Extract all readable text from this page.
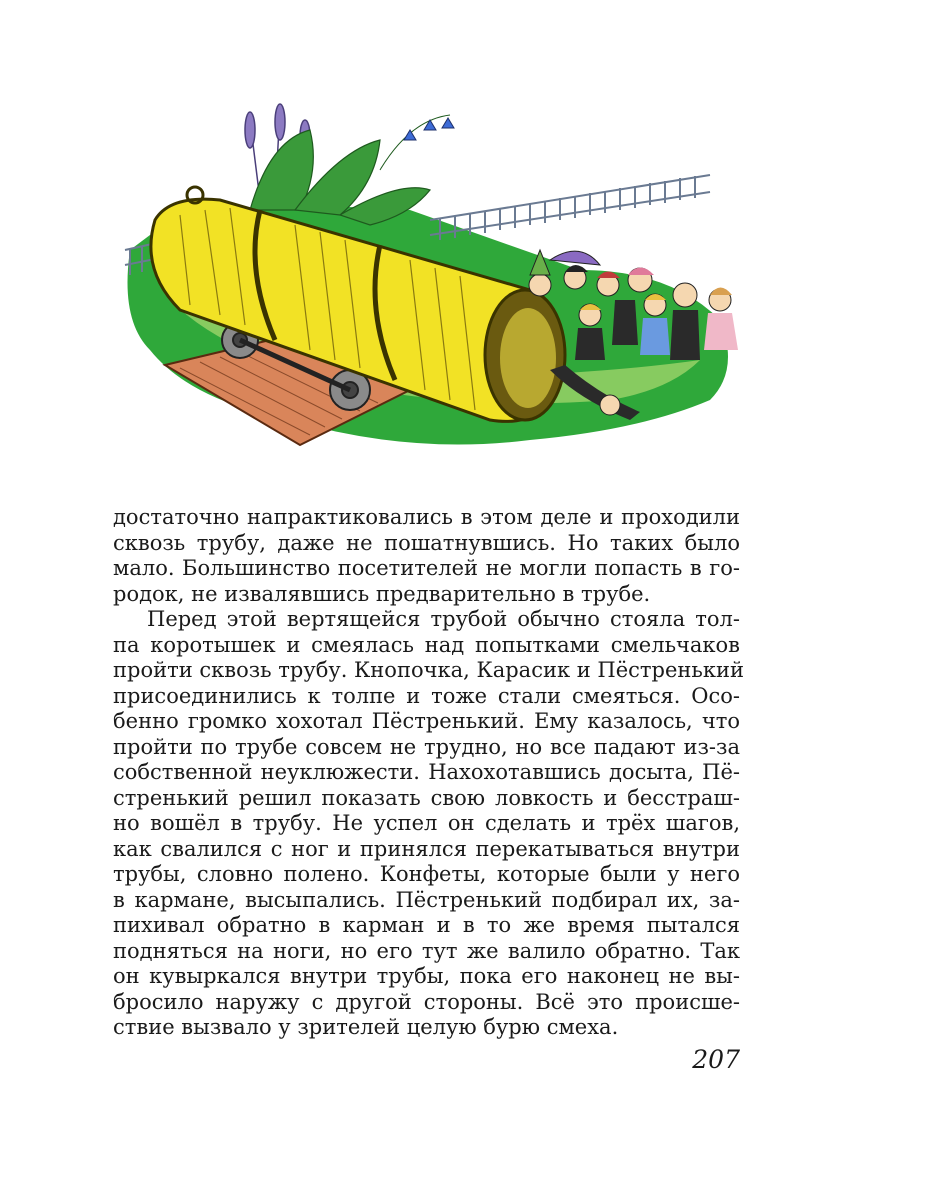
достаточно напрактиковались в этом деле и проходили
сквозь трубу, даже не пошатнувшись. Но таких было
мало. Большинство посетителей не могли попасть в го-
родок, не извалявшись предварительно в трубе.
Перед этой вертящейся трубой обычно стояла тол-
па коротышек и смеялась над попытками смельчаков
пройти сквозь трубу. Кнопочка, Карасик и Пёстренький
присоединились к толпе и тоже стали смеяться. Осо-
бенно громко хохотал Пёстренький. Ему казалось, что
пройти по трубе совсем не трудно, но все падают из-за
собственной неуклюжести. Нахохотавшись досыта, Пё-
стренький решил показать свою ловкость и бесстраш-
но вошёл в трубу. Не успел он сделать и трёх шагов,
как свалился с ног и принялся перекатываться внутри
трубы, словно полено. Конфеты, которые были у него
в кармане, высыпались. Пёстренький подбирал их, за-
пихивал обратно в карман и в то же время пытался
подняться на ноги, но его тут же валило обратно. Так
он кувыркался внутри трубы, пока его наконец не вы-
бросило наружу с другой стороны. Всё это происше-
ствие вызвало у зрителей целую бурю смеха.
207
